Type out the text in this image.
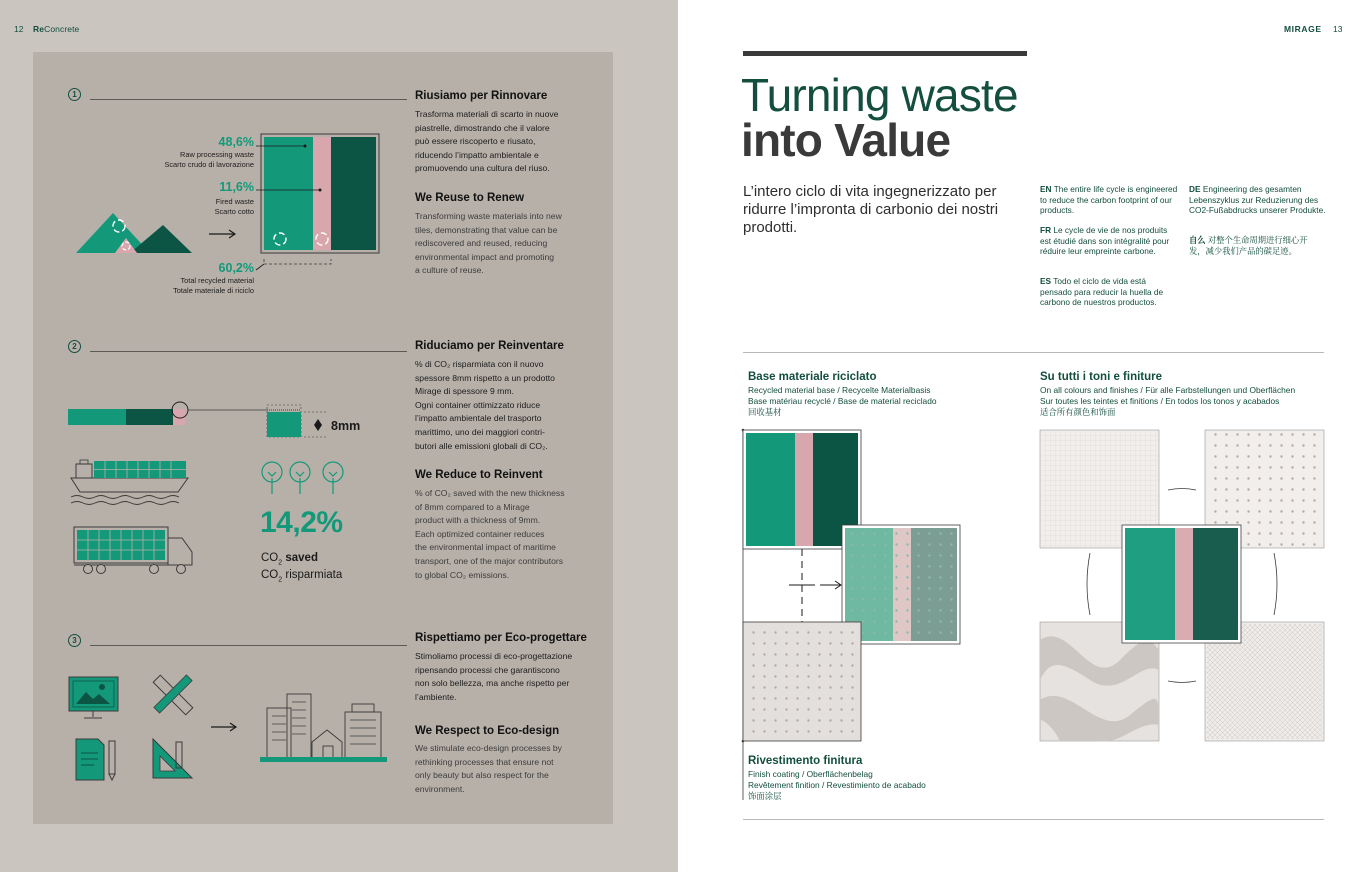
12 ReConcrete
1	Riusiamo per Rinnovare
Trasforma materiali di scarto in nuove
piastrelle, dimostrando che il valore
può essere riscoperto e riusato,
riducendo l’impatto ambientale e
promuovendo una cultura del riuso.
We Reuse to Renew
Transforming waste materials into new
tiles, demonstrating that value can be
rediscovered and reused, reducing
environmental impact and promoting
a culture of reuse.
48,6%
Raw processing waste
Scarto crudo di lavorazione
11,6%
Fired waste
Scarto cotto
60,2%
Total recycled material
Totale materiale di riciclo
2	Riduciamo per Reinventare
% di CO₂ risparmiata con il nuovo
spessore 8mm rispetto a un prodotto
Mirage di spessore 9 mm.
Ogni container ottimizzato riduce
l’impatto ambientale del trasporto
marittimo, uno dei maggiori contri-
butori alle emissioni globali di CO₂.
We Reduce to Reinvent
% of CO₂ saved with the new thickness
of 8mm compared to a Mirage
product with a thickness of 9mm.
Each optimized container reduces
the environmental impact of maritime
transport, one of the major contributors
to global CO₂ emissions.
8mm
14,2%
$CO_2$ saved
$CO_2$ risparmiata
3	Rispettiamo per Eco-progettare
Stimoliamo processi di eco-progettazione
ripensando processi che garantiscono
non solo bellezza, ma anche rispetto per
l’ambiente.
We Respect to Eco-design
We stimulate eco-design processes by
rethinking processes that ensure not
only beauty but also respect for the
environment.
MIRAGE 13
Turning waste
into Value
L’intero ciclo di vita ingegnerizzato per ridurre l’impronta di carbonio dei nostri prodotti.
EN The entire life cycle is engineered to reduce the carbon footprint of our products.
FR Le cycle de vie de nos produits est étudié dans son intégralité pour réduire leur empreinte carbone.
ES Todo el ciclo de vida está pensado para reducir la huella de carbono de nuestros productos.
DE Engineering des gesamten Lebenszyklus zur Reduzierung des CO2-Fußabdrucks unserer Produkte.
自么 对整个生命周期进行细心开发，减少我们产品的碳足迹。
Base materiale riciclato
Recycled material base / Recycelte Materialbasis
Base matériau recyclé / Base de material reciclado
回收基材
Su tutti i toni e finiture
On all colours and finishes / Für alle Farbstellungen und Oberflächen
Sur toutes les teintes et finitions / En todos los tonos y acabados
适合所有颜色和饰面
Rivestimento finitura
Finish coating / Oberflächenbelag
Revêtement finition / Revestimiento de acabado
饰面涂层
